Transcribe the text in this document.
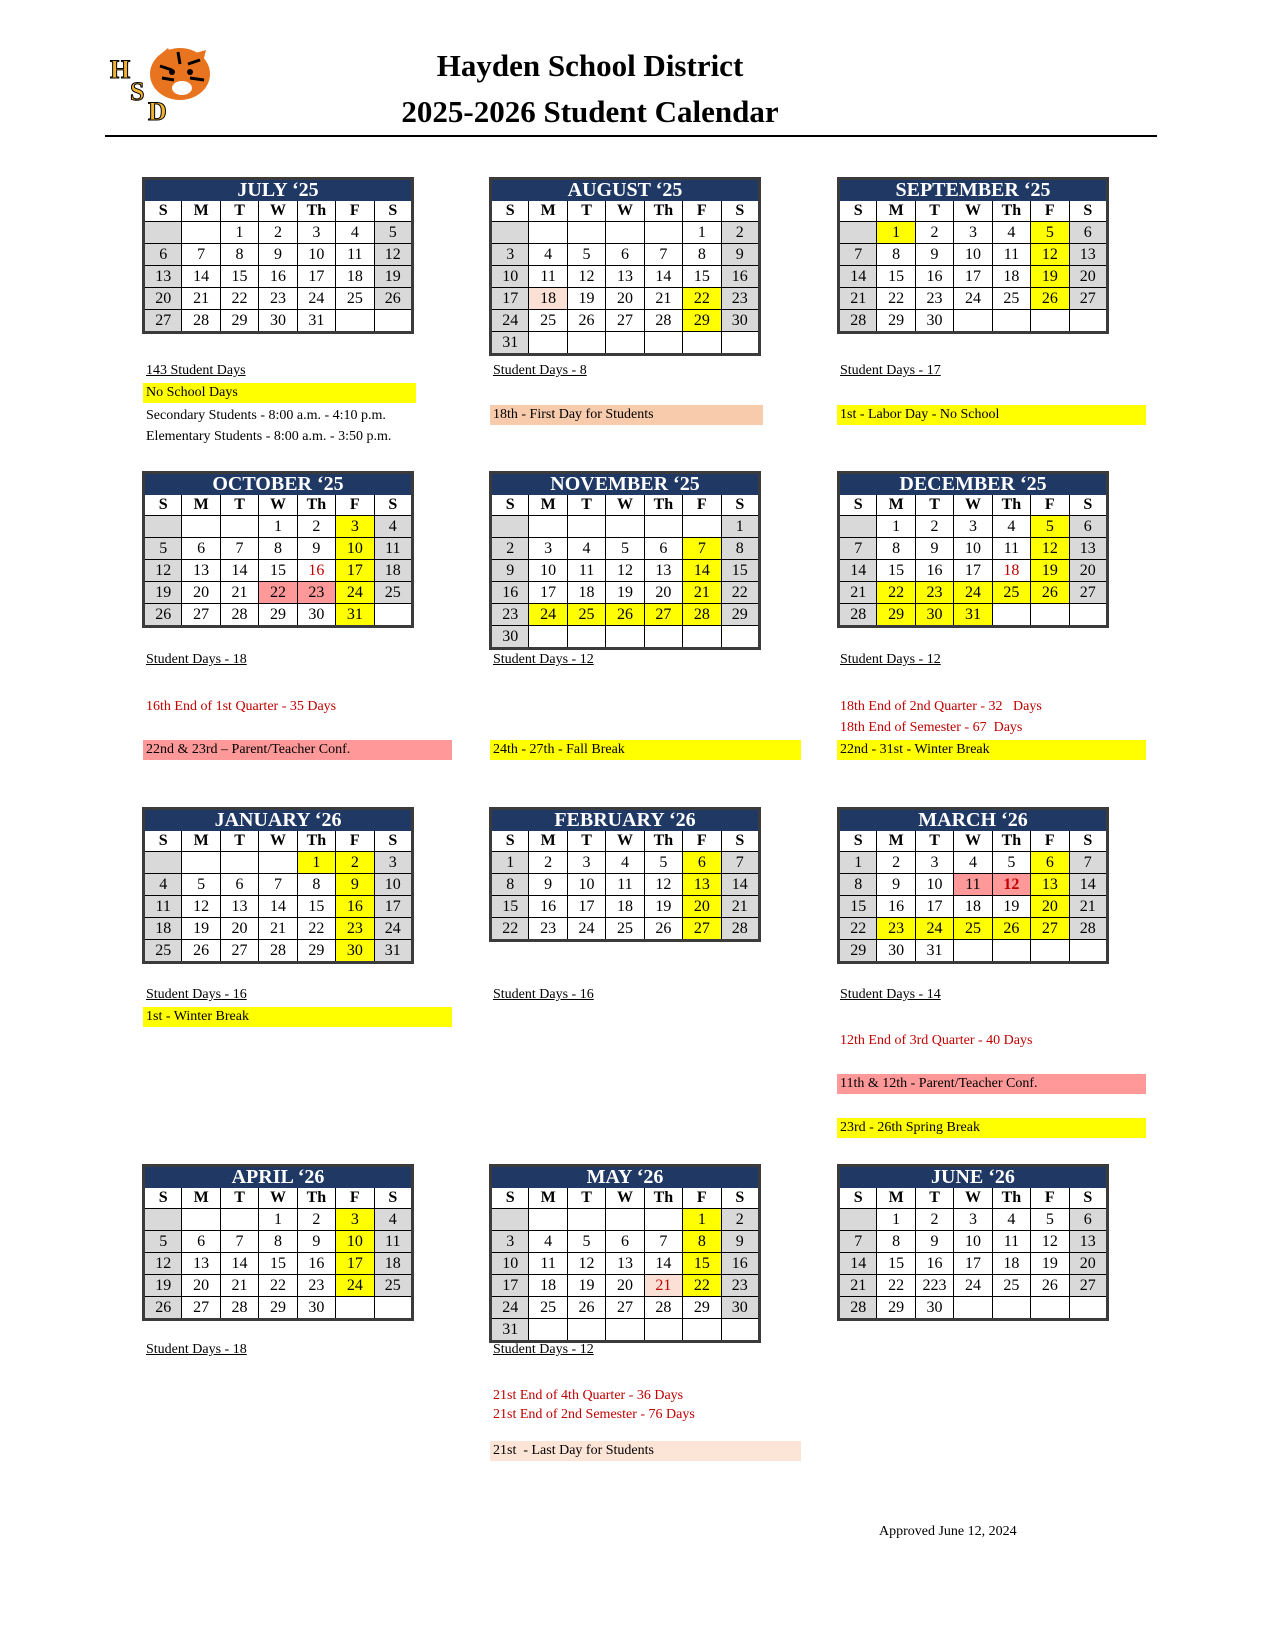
H
S
D
Hayden School District
2025-2026 Student Calendar
JULY ‘25						
S	M	T	W	Th	F	S
		1	2	3	4	5
6	7	8	9	10	11	12
13	14	15	16	17	18	19
20	21	22	23	24	25	26
27	28	29	30	31		
AUGUST ‘25						
S	M	T	W	Th	F	S
					1	2
3	4	5	6	7	8	9
10	11	12	13	14	15	16
17	18	19	20	21	22	23
24	25	26	27	28	29	30
31						
SEPTEMBER ‘25						
S	M	T	W	Th	F	S
	1	2	3	4	5	6
7	8	9	10	11	12	13
14	15	16	17	18	19	20
21	22	23	24	25	26	27
28	29	30				
OCTOBER ‘25						
S	M	T	W	Th	F	S
			1	2	3	4
5	6	7	8	9	10	11
12	13	14	15	16	17	18
19	20	21	22	23	24	25
26	27	28	29	30	31	
NOVEMBER ‘25						
S	M	T	W	Th	F	S
						1
2	3	4	5	6	7	8
9	10	11	12	13	14	15
16	17	18	19	20	21	22
23	24	25	26	27	28	29
30						
DECEMBER ‘25						
S	M	T	W	Th	F	S
	1	2	3	4	5	6
7	8	9	10	11	12	13
14	15	16	17	18	19	20
21	22	23	24	25	26	27
28	29	30	31			
JANUARY ‘26						
S	M	T	W	Th	F	S
				1	2	3
4	5	6	7	8	9	10
11	12	13	14	15	16	17
18	19	20	21	22	23	24
25	26	27	28	29	30	31
FEBRUARY ‘26						
S	M	T	W	Th	F	S
1	2	3	4	5	6	7
8	9	10	11	12	13	14
15	16	17	18	19	20	21
22	23	24	25	26	27	28
MARCH ‘26						
S	M	T	W	Th	F	S
1	2	3	4	5	6	7
8	9	10	11	12	13	14
15	16	17	18	19	20	21
22	23	24	25	26	27	28
29	30	31				
APRIL ‘26						
S	M	T	W	Th	F	S
			1	2	3	4
5	6	7	8	9	10	11
12	13	14	15	16	17	18
19	20	21	22	23	24	25
26	27	28	29	30		
MAY ‘26						
S	M	T	W	Th	F	S
					1	2
3	4	5	6	7	8	9
10	11	12	13	14	15	16
17	18	19	20	21	22	23
24	25	26	27	28	29	30
31						
JUNE ‘26						
S	M	T	W	Th	F	S
	1	2	3	4	5	6
7	8	9	10	11	12	13
14	15	16	17	18	19	20
21	22	223	24	25	26	27
28	29	30				
143 Student Days
No School Days
Secondary Students - 8:00 a.m. - 4:10 p.m.
Elementary Students - 8:00 a.m. - 3:50 p.m.
Student Days - 8
18th - First Day for Students
Student Days - 17
1st - Labor Day - No School
Student Days - 18
16th End of 1st Quarter - 35 Days
22nd & 23rd – Parent/Teacher Conf.
Student Days - 12
24th - 27th - Fall Break
Student Days - 12
18th End of 2nd Quarter - 32   Days
18th End of Semester - 67  Days
22nd - 31st - Winter Break
Student Days - 16
1st - Winter Break
Student Days - 16	Student Days - 14
12th End of 3rd Quarter - 40 Days
11th & 12th - Parent/Teacher Conf.
23rd - 26th Spring Break
Student Days - 18	Student Days - 12
21st End of 4th Quarter - 36 Days
21st End of 2nd Semester - 76 Days
21st  - Last Day for Students
Approved June 12, 2024
